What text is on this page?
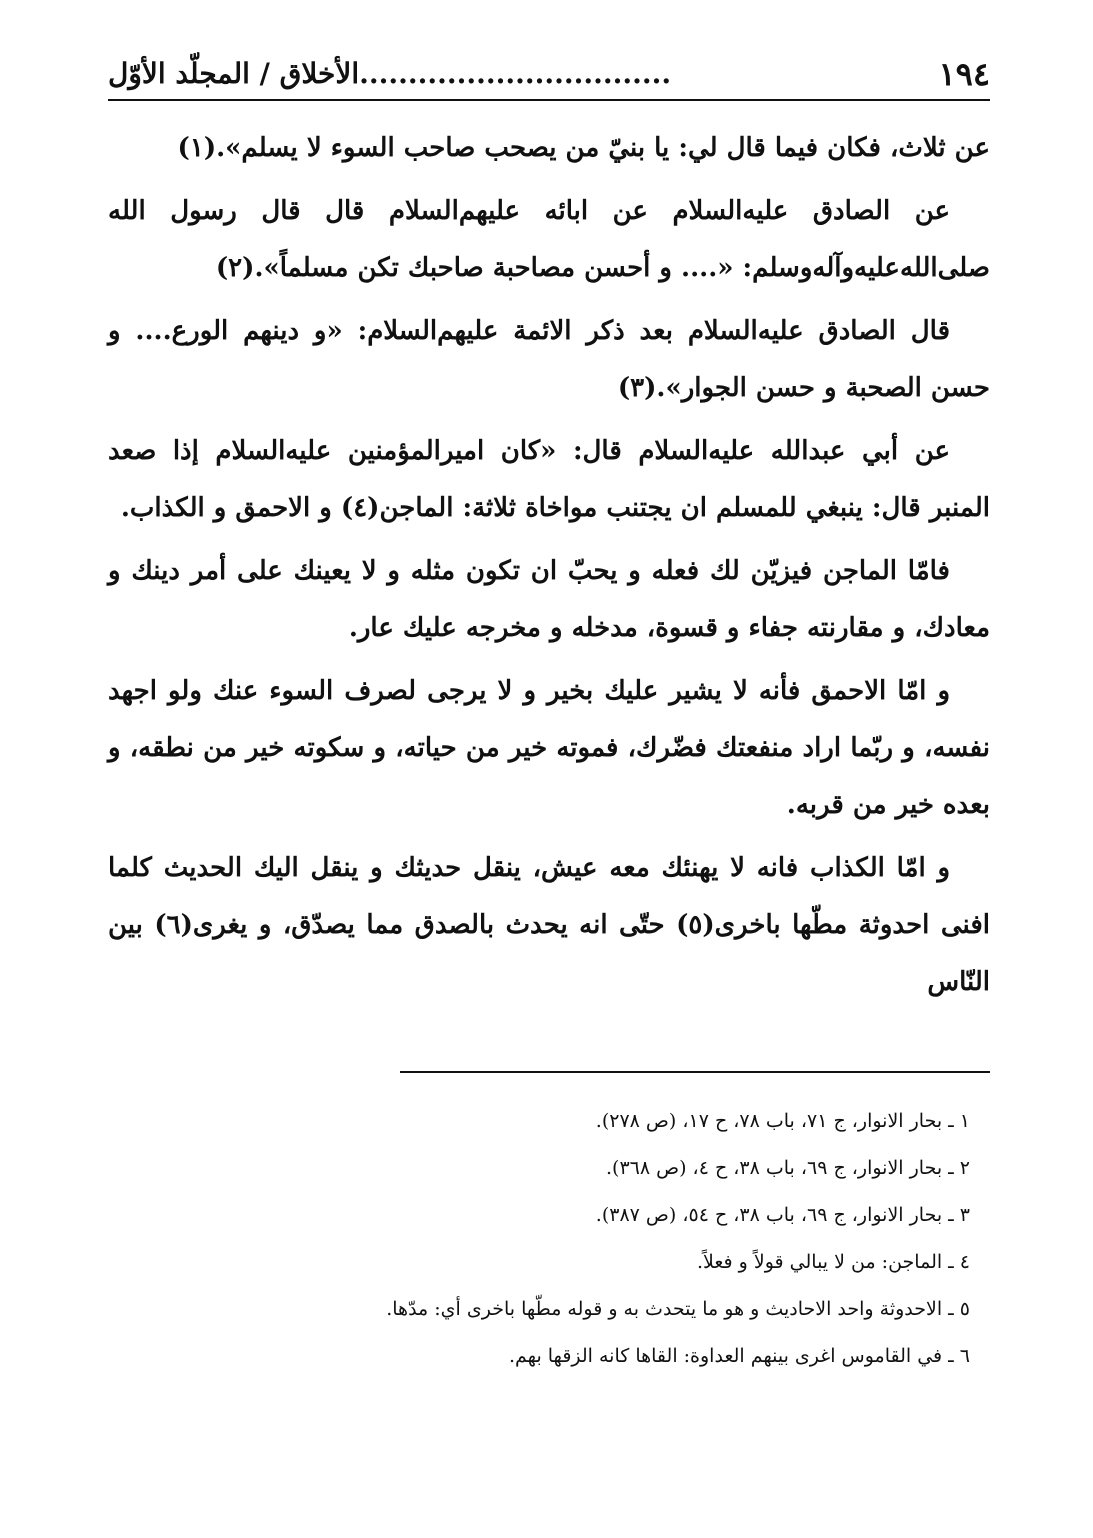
١٩٤
................................الأخلاق / المجلّد الأوّل

عن ثلاث، فكان فيما قال لي: يا بنيّ من يصحب صاحب السوء لا يسلم».(١)

عن الصادق عليه‌السلام عن ابائه عليهم‌السلام قال قال رسول الله صلى‌الله‌عليه‌وآله‌وسلم: «.... و أحسن مصاحبة صاحبك تكن مسلماً».(٢)

قال الصادق عليه‌السلام بعد ذكر الائمة عليهم‌السلام: «و دينهم الورع.... و حسن الصحبة و حسن الجوار».(٣)

عن أبي عبدالله عليه‌السلام قال: «كان اميرالمؤمنين عليه‌السلام إذا صعد المنبر قال: ينبغي للمسلم ان يجتنب مواخاة ثلاثة: الماجن(٤) و الاحمق و الكذاب.

فامّا الماجن فيزيّن لك فعله و يحبّ ان تكون مثله و لا يعينك على أمر دينك و معادك، و مقارنته جفاء و قسوة، مدخله و مخرجه عليك عار.

و امّا الاحمق فأنه لا يشير عليك بخير و لا يرجى لصرف السوء عنك ولو اجهد نفسه، و ربّما اراد منفعتك فضّرك، فموته خير من حياته، و سكوته خير من نطقه، و بعده خير من قربه.

و امّا الكذاب فانه لا يهنئك معه عيش، ينقل حديثك و ينقل اليك الحديث كلما افنى احدوثة مطّها باخرى(٥) حتّى انه يحدث بالصدق مما يصدّق، و يغرى(٦) بين النّاس

١ ـ بحار الانوار، ج ٧١، باب ٧٨، ح ١٧، (ص ٢٧٨).

٢ ـ بحار الانوار، ج ٦٩، باب ٣٨، ح ٤، (ص ٣٦٨).

٣ ـ بحار الانوار، ج ٦٩، باب ٣٨، ح ٥٤، (ص ٣٨٧).

٤ ـ الماجن: من لا يبالي قولاً و فعلاً.

٥ ـ الاحدوثة واحد الاحاديث و هو ما يتحدث به و قوله مطّها باخرى أي: مدّها.

٦ ـ في القاموس اغرى بينهم العداوة: القاها كانه الزقها بهم.
